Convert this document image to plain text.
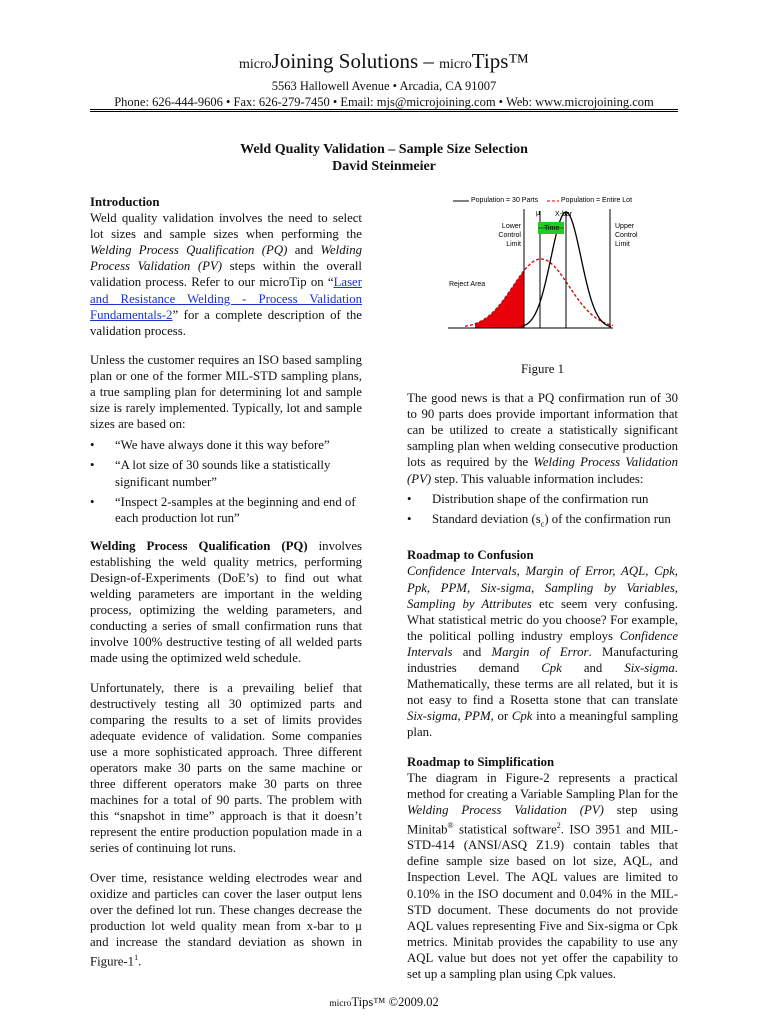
microJoining Solutions – microTips™
5563 Hallowell Avenue • Arcadia, CA 91007
Phone: 626-444-9606 • Fax: 626-279-7450 • Email: mjs@microjoining.com • Web: www.microjoining.com
Weld Quality Validation – Sample Size Selection
David Steinmeier
Introduction

Weld quality validation involves the need to select lot sizes and sample sizes when performing the Welding Process Qualification (PQ) and Welding Process Validation (PV) steps within the overall validation process. Refer to our microTip on “Laser and Resistance Welding - Process Validation Fundamentals-2” for a complete description of the validation process.

Unless the customer requires an ISO based sampling plan or one of the former MIL-STD sampling plans, a true sampling plan for determining lot and sample size is rarely implemented. Typically, lot and sample sizes are based on:

• “We have always done it this way before”
• “A lot size of 30 sounds like a statistically significant number”
• “Inspect 2-samples at the beginning and end of each production lot run”

Welding Process Qualification (PQ) involves establishing the weld quality metrics, performing Design-of-Experiments (DoE’s) to find out what welding parameters are important in the welding process, optimizing the welding parameters, and conducting a series of small confirmation runs that involve 100% destructive testing of all welded parts made using the optimized weld schedule.

Unfortunately, there is a prevailing belief that destructively testing all 30 optimized parts and comparing the results to a set of limits provides adequate evidence of validation. Some companies use a more sophisticated approach. Three different operators make 30 parts on the same machine or three different operators make 30 parts on three machines for a total of 90 parts. The problem with this “snapshot in time” approach is that it doesn’t represent the entire production population made in a series of continuing lot runs.

Over time, resistance welding electrodes wear and oxidize and particles can cover the laser output lens over the defined lot run. These changes decrease the production lot weld quality mean from x-bar to μ and increase the standard deviation as shown in Figure-$1^1$.

Population = 30 Parts	Population = Entire Lot
μ X-bar
Lower
Control
Limit
Upper
Control
Limit
Time
Reject Area

Figure 1

The good news is that a PQ confirmation run of 30 to 90 parts does provide important information that can be utilized to create a statistically significant sampling plan when welding consecutive production lots as required by the Welding Process Validation (PV) step. This valuable information includes:

• Distribution shape of the confirmation run
• Standard deviation $(s_c)$ of the confirmation run
Roadmap to Confusion

Confidence Intervals, Margin of Error, AQL, Cpk, Ppk, PPM, Six-sigma, Sampling by Variables, Sampling by Attributes etc seem very confusing. What statistical metric do you choose? For example, the political polling industry employs Confidence Intervals and Margin of Error. Manufacturing industries demand Cpk and Six-sigma. Mathematically, these terms are all related, but it is not easy to find a Rosetta stone that can translate Six-sigma, PPM, or Cpk into a meaningful sampling plan.

Roadmap to Simplification

The diagram in Figure-2 represents a practical method for creating a Variable Sampling Plan for the Welding Process Validation (PV) step using Minitab® statistical software$^2$. ISO 3951 and MIL-STD-414 (ANSI/ASQ Z1.9) contain tables that define sample size based on lot size, AQL, and Inspection Level. The AQL values are limited to 0.10% in the ISO document and 0.04% in the MIL-STD document. These documents do not provide AQL values representing Five and Six-sigma or Cpk metrics. Minitab provides the capability to use any AQL value but does not yet offer the capability to set up a sampling plan using Cpk values.

microTips™ ©2009.02
